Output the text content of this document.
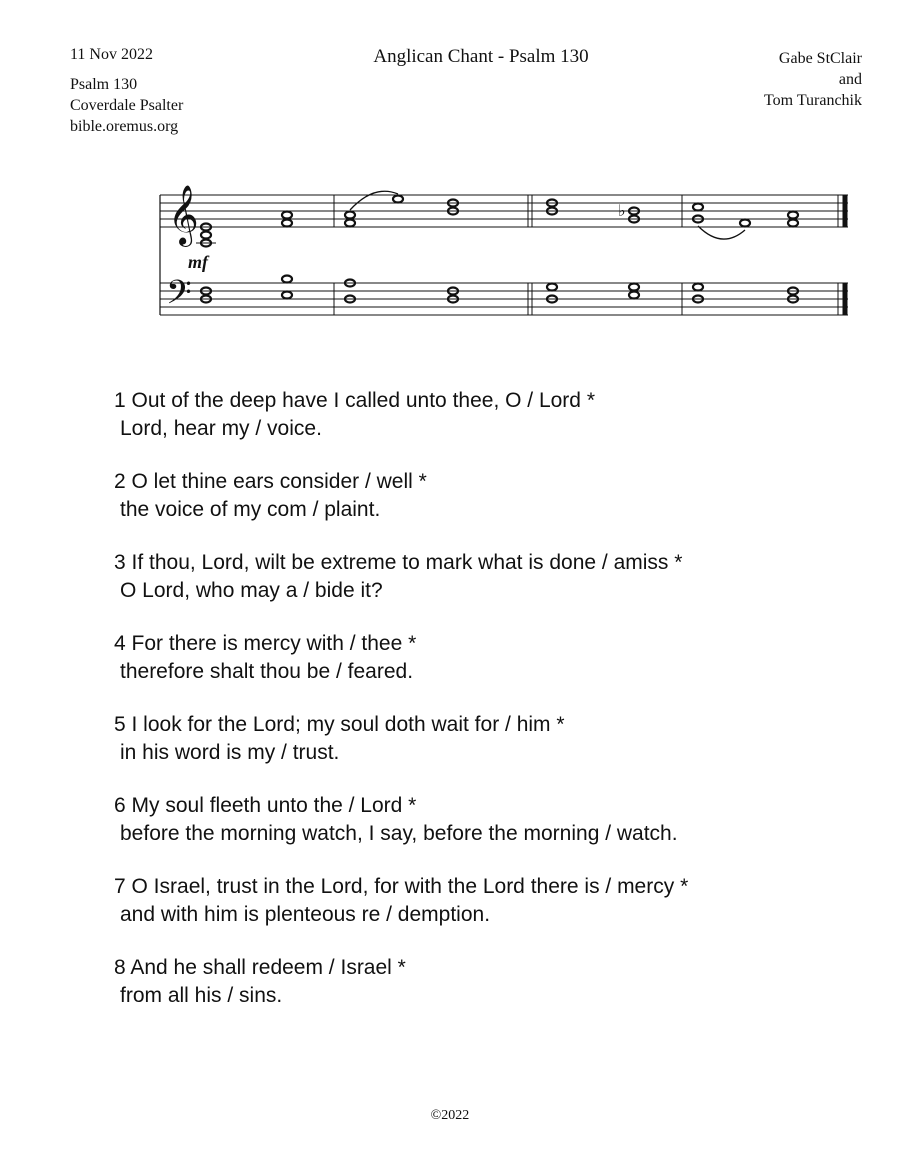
11 Nov 2022
Psalm 130
Coverdale Psalter
bible.oremus.org
Anglican Chant - Psalm 130	Gabe StClair
and
Tom Turanchik
𝄞
𝄢
mf
♭
1 Out of the deep have I called unto thee, O / Lord *
Lord, hear my / voice.
2 O let thine ears consider / well *
the voice of my com / plaint.
3 If thou, Lord, wilt be extreme to mark what is done / amiss *
O Lord, who may a / bide it?
4 For there is mercy with / thee *
therefore shalt thou be / feared.
5 I look for the Lord; my soul doth wait for / him *
in his word is my / trust.
6 My soul fleeth unto the / Lord *
before the morning watch, I say, before the morning / watch.
7 O Israel, trust in the Lord, for with the Lord there is / mercy *
and with him is plenteous re / demption.
8 And he shall redeem / Israel *
from all his / sins.
©2022
